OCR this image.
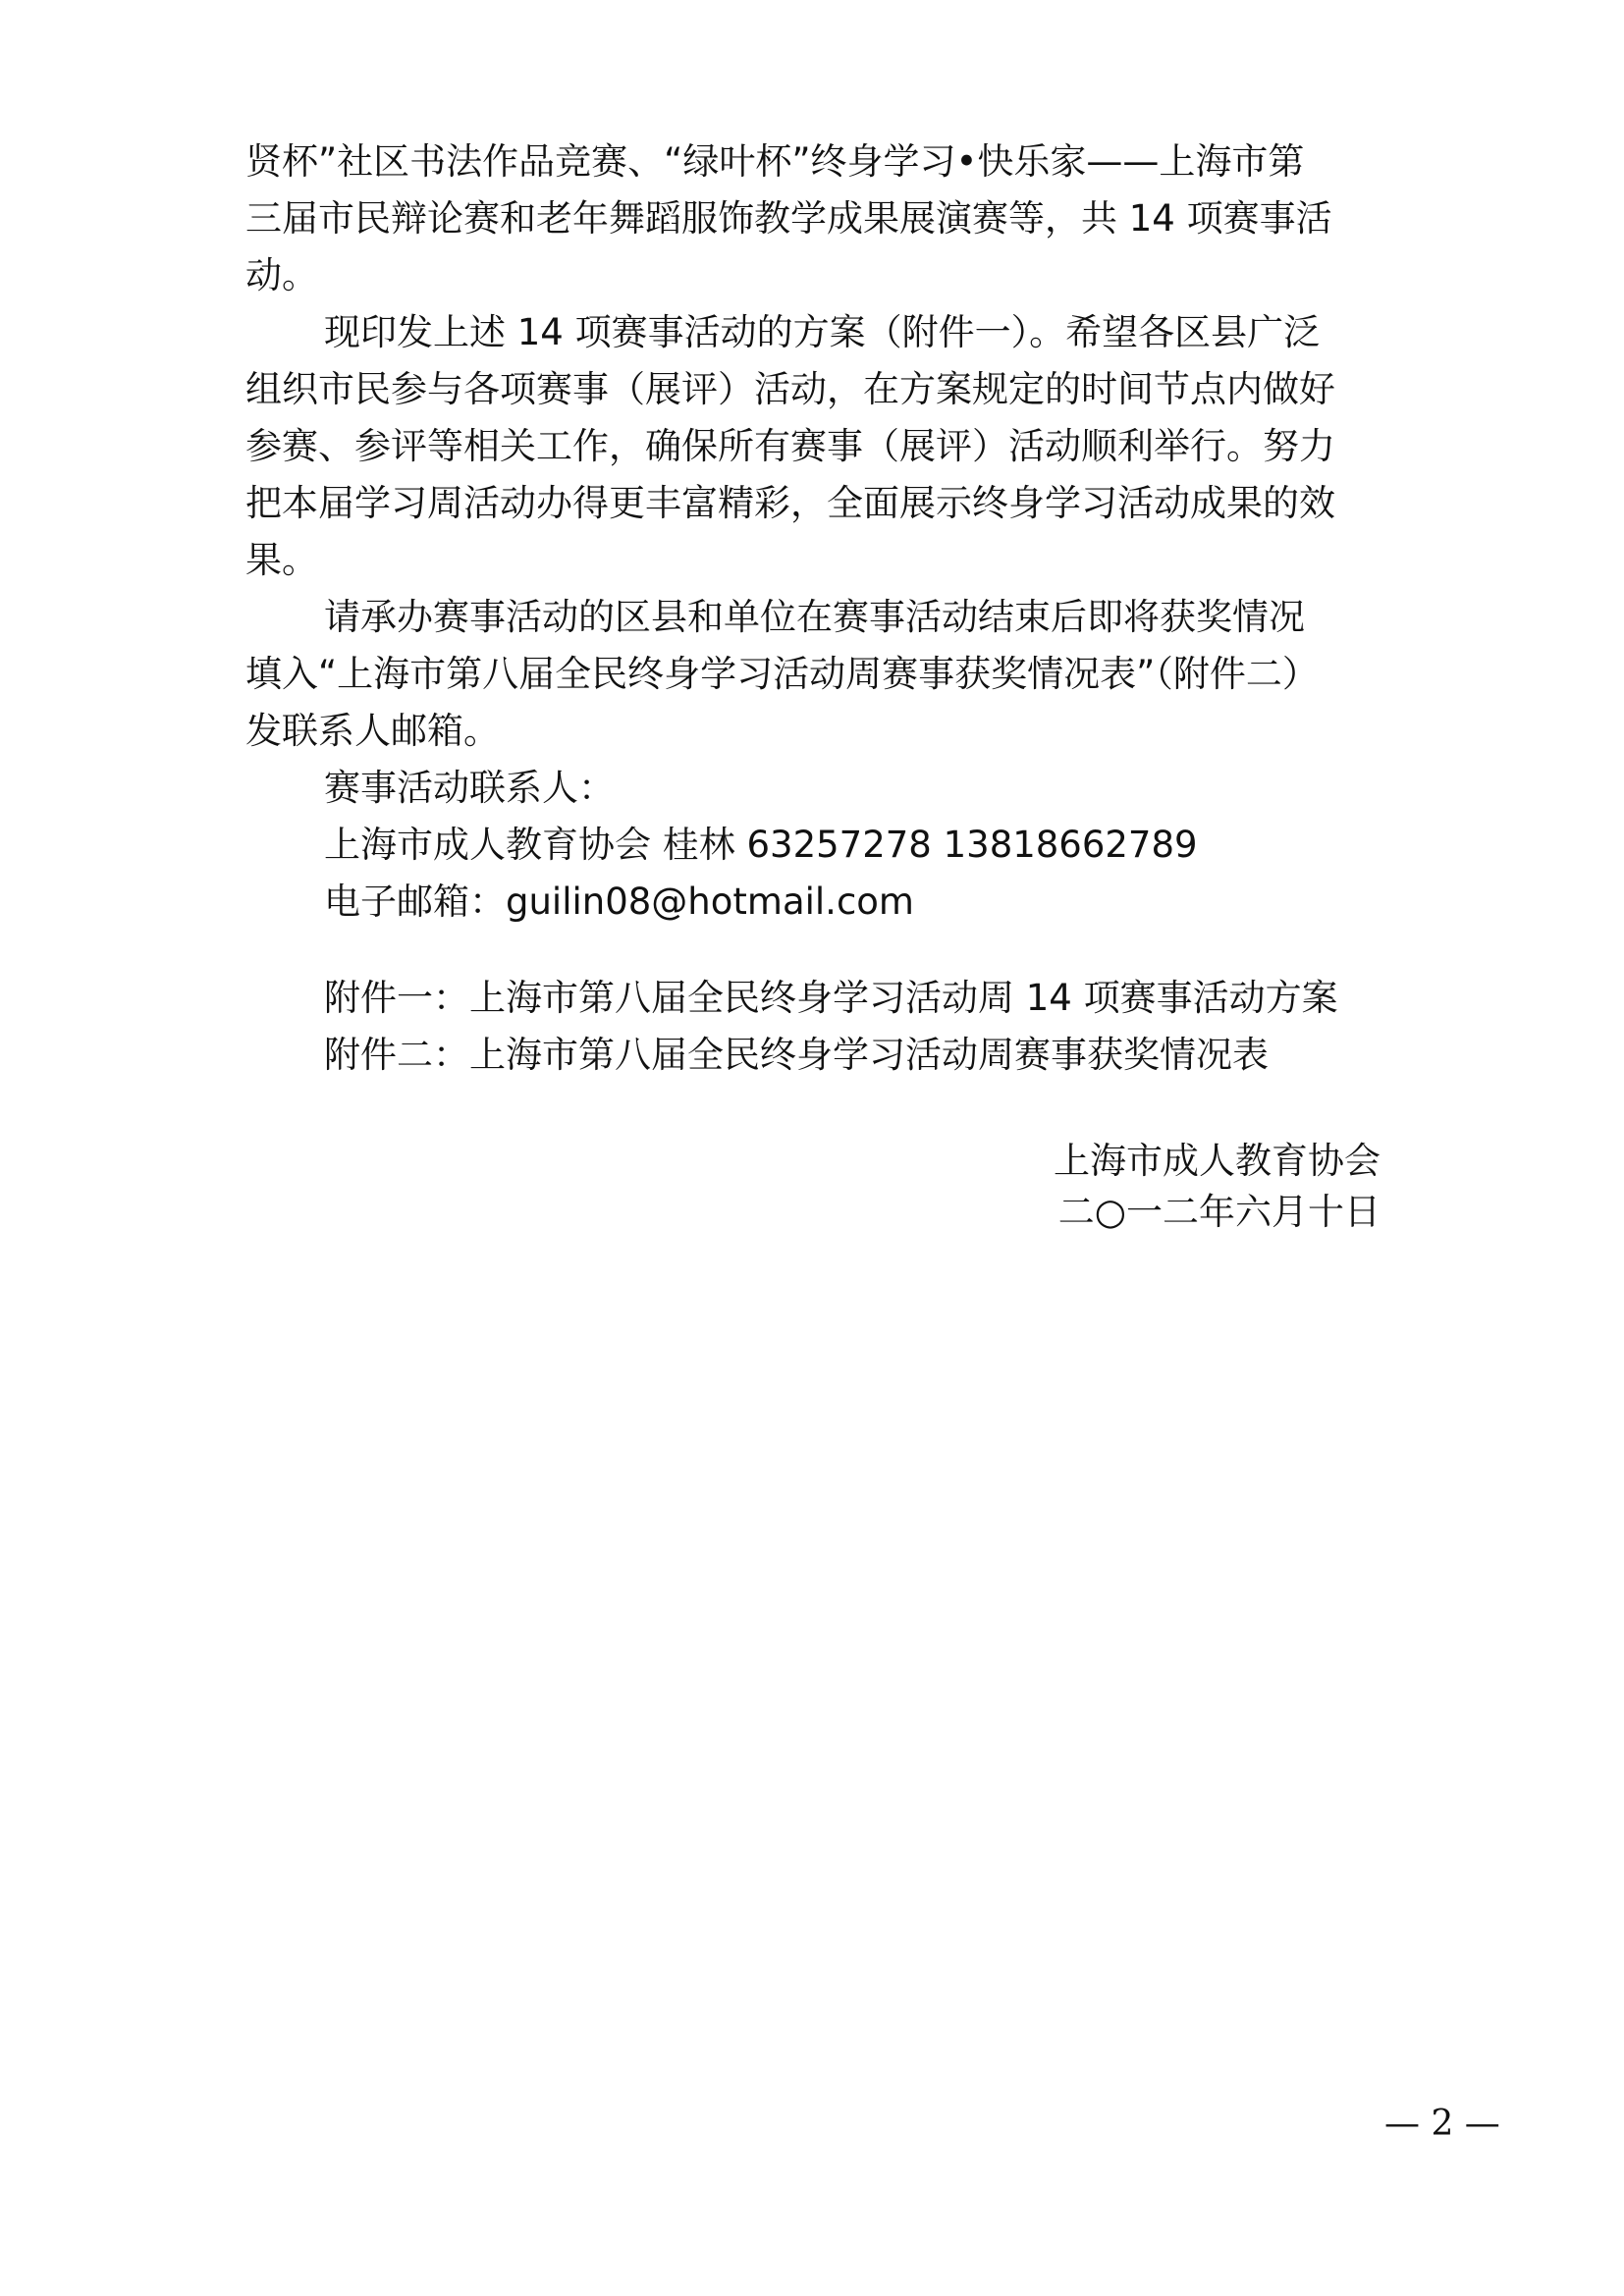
贤杯”社区书法作品竞赛、“绿叶杯”终身学习•快乐家——上海市第
三届市民辩论赛和老年舞蹈服饰教学成果展演赛等，共 14 项赛事活
动。
现印发上述 14 项赛事活动的方案（附件一）。希望各区县广泛
组织市民参与各项赛事（展评）活动，在方案规定的时间节点内做好
参赛、参评等相关工作，确保所有赛事（展评）活动顺利举行。努力
把本届学习周活动办得更丰富精彩，全面展示终身学习活动成果的效
果。
请承办赛事活动的区县和单位在赛事活动结束后即将获奖情况
填入“上海市第八届全民终身学习活动周赛事获奖情况表”（附件二）
发联系人邮箱。
赛事活动联系人：
上海市成人教育协会 桂林 63257278 13818662789
电子邮箱：guilin08@hotmail.com
附件一：上海市第八届全民终身学习活动周 14 项赛事活动方案
附件二：上海市第八届全民终身学习活动周赛事获奖情况表
上海市成人教育协会
二○一二年六月十日
— 2 —
